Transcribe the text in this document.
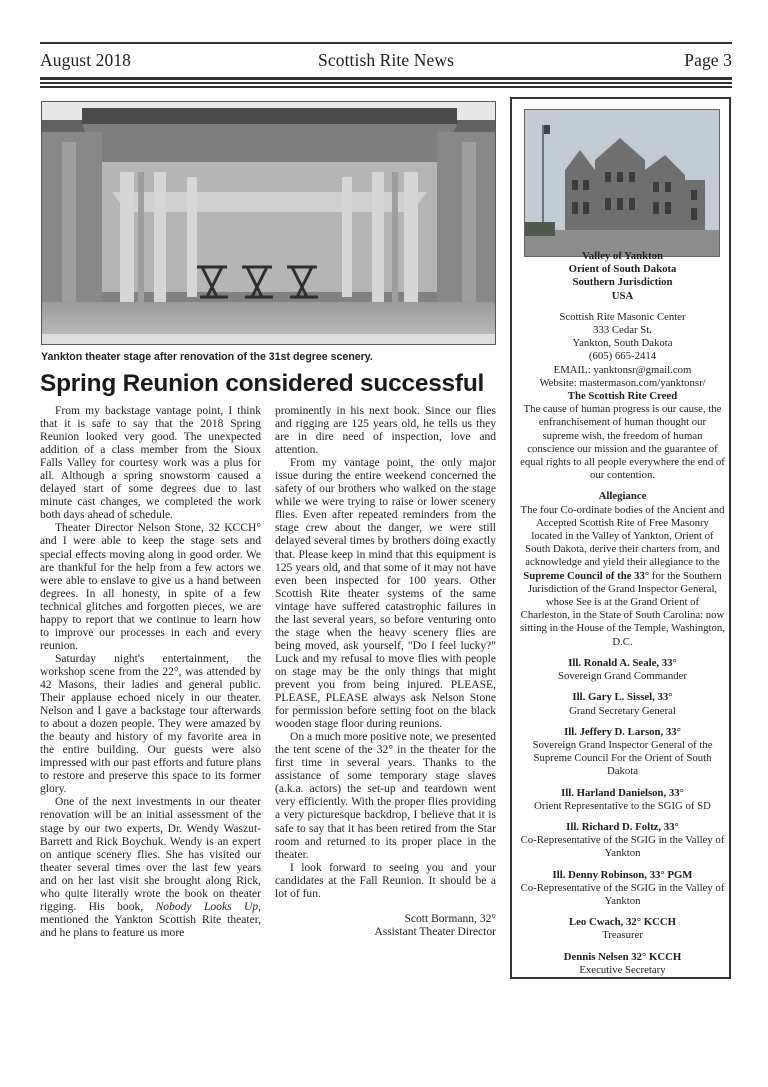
August 2018	Scottish Rite News	Page 3
Yankton theater stage after renovation of the 31st degree scenery.
Spring Reunion considered successful

From my backstage vantage point, I think that it is safe to say that the 2018 Spring Reunion looked very good. The unexpected addition of a class member from the Sioux Falls Valley for courtesy work was a plus for all. Although a spring snowstorm caused a delayed start of some degrees due to last minute cast changes, we completed the work both days ahead of schedule.

Theater Director Nelson Stone, 32 KCCH° and I were able to keep the stage sets and special effects moving along in good order. We are thankful for the help from a few actors we were able to enslave to give us a hand between degrees. In all honesty, in spite of a few technical glitches and forgotten pieces, we are happy to report that we continue to learn how to improve our processes in each and every reunion.

Saturday night's entertainment, the workshop scene from the 22°, was attended by 42 Masons, their ladies and general public. Their applause echoed nicely in our theater. Nelson and I gave a backstage tour afterwards to about a dozen people. They were amazed by the beauty and history of my favorite area in the entire building. Our guests were also impressed with our past efforts and future plans to restore and preserve this space to its former glory.

One of the next investments in our theater renovation will be an initial assessment of the stage by our two experts, Dr. Wendy Waszut-Barrett and Rick Boychuk. Wendy is an expert on antique scenery flies. She has visited our theater several times over the last few years and on her last visit she brought along Rick, who quite literally wrote the book on theater rigging. His book, Nobody Looks Up, mentioned the Yankton Scottish Rite theater, and he plans to feature us more

prominently in his next book. Since our flies and rigging are 125 years old, he tells us they are in dire need of inspection, love and attention.

From my vantage point, the only major issue during the entire weekend concerned the safety of our brothers who walked on the stage while we were trying to raise or lower scenery flies. Even after repeated reminders from the stage crew about the danger, we were still delayed several times by brothers doing exactly that. Please keep in mind that this equipment is 125 years old, and that some of it may not have even been inspected for 100 years. Other Scottish Rite theater systems of the same vintage have suffered catastrophic failures in the last several years, so before venturing onto the stage when the heavy scenery flies are being moved, ask yourself, "Do I feel lucky?" Luck and my refusal to move flies with people on stage may be the only things that might prevent you from being injured. PLEASE, PLEASE, PLEASE always ask Nelson Stone for permission before setting foot on the black wooden stage floor during reunions.

On a much more positive note, we presented the tent scene of the 32° in the theater for the first time in several years. Thanks to the assistance of some temporary stage slaves (a.k.a. actors) the set-up and teardown went very efficiently. With the proper flies providing a very picturesque backdrop, I believe that it is safe to say that it has been retired from the Star room and returned to its proper place in the theater.

I look forward to seeing you and your candidates at the Fall Reunion. It should be a lot of fun.

Scott Bormann, 32°
Assistant Theater Director
Valley of Yankton
Orient of South Dakota
Southern Jurisdiction
USA
Scottish Rite Masonic Center
333 Cedar St.
Yankton, South Dakota
(605) 665-2414
EMAIL: yanktonsr@gmail.com
Website: mastermason.com/yanktonsr/
The Scottish Rite Creed
The cause of human progress is our cause, the enfranchisement of human thought our supreme wish, the freedom of human conscience our mission and the guarantee of equal rights to all people everywhere the end of our contention.
Allegiance
The four Co-ordinate bodies of the Ancient and Accepted Scottish Rite of Free Masonry located in the Valley of Yankton, Orient of South Dakota, derive their charters from, and acknowledge and yield their allegiance to the Supreme Council of the 33° for the Southern Jurisdiction of the Grand Inspector General, whose See is at the Grand Orient of Charleston, in the State of South Carolina: now sitting in the House of the Temple, Washington, D.C.
Ill. Ronald A. Seale, 33°
Sovereign Grand Commander
Ill. Gary L. Sissel, 33°
Grand Secretary General
Ill. Jeffery D. Larson, 33°
Sovereign Grand Inspector General of the Supreme Council For the Orient of South Dakota
Ill. Harland Danielson, 33°
Orient Representative to the SGIG of SD
Ill. Richard D. Foltz, 33°
Co-Representative of the SGIG in the Valley of Yankton
Ill. Denny Robinson, 33° PGM
Co-Representative of the SGIG in the Valley of Yankton
Leo Cwach, 32° KCCH
Treasurer
Dennis Nelsen 32° KCCH
Executive Secretary
